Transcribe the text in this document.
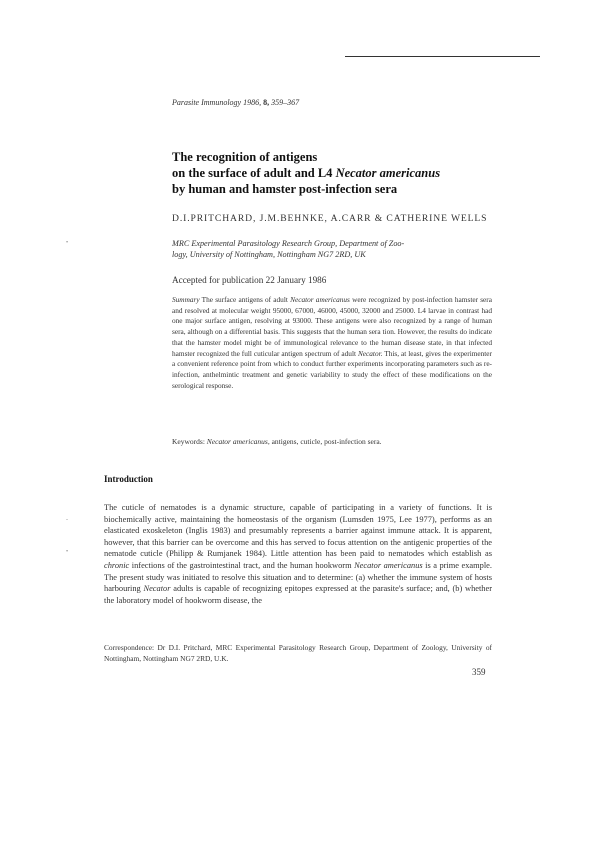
Parasite Immunology 1986, 8, 359–367
The recognition of antigens
on the surface of adult and L4 Necator americanus
by human and hamster post-infection sera
D.I.PRITCHARD, J.M.BEHNKE, A.CARR & CATHERINE WELLS
MRC Experimental Parasitology Research Group, Department of Zoo-
logy, University of Nottingham, Nottingham NG7 2RD, UK
Accepted for publication 22 January 1986
Summary The surface antigens of adult Necator americanus were recognized by post-infection hamster sera and resolved at molecular weight 95000, 67000, 46000, 45000, 32000 and 25000. L4 larvae in contrast had one major surface antigen, resolving at 93000. These antigens were also recognized by a range of human sera, although on a differential basis. This suggests that the human sera tion. However, the results do indicate that the hamster model might be of immunological relevance to the human disease state, in that infected hamster recognized the full cuticular antigen spectrum of adult Necator. This, at least, gives the experimenter a convenient reference point from which to conduct further experiments incorporating parameters such as re-infection, anthelmintic treatment and genetic variability to study the effect of these modifications on the serological response.
Keywords: Necator americanus, antigens, cuticle, post-infection sera.
Introduction
•
-
•
The cuticle of nematodes is a dynamic structure, capable of participating in a variety of functions. It is biochemically active, maintaining the homeostasis of the organism (Lumsden 1975, Lee 1977), performs as an elasticated exoskeleton (Inglis 1983) and presumably represents a barrier against immune attack. It is apparent, however, that this barrier can be overcome and this has served to focus attention on the antigenic properties of the nematode cuticle (Philipp & Rumjanek 1984). Little attention has been paid to nematodes which establish as chronic infections of the gastrointestinal tract, and the human hookworm Necator americanus is a prime example. The present study was initiated to resolve this situation and to determine: (a) whether the immune system of hosts harbouring Necator adults is capable of recognizing epitopes expressed at the parasite's surface; and, (b) whether the laboratory model of hookworm disease, the
Correspondence: Dr D.I. Pritchard, MRC Experimental Parasitology Research Group, Department of Zoology, University of Nottingham, Nottingham NG7 2RD, U.K.
359
